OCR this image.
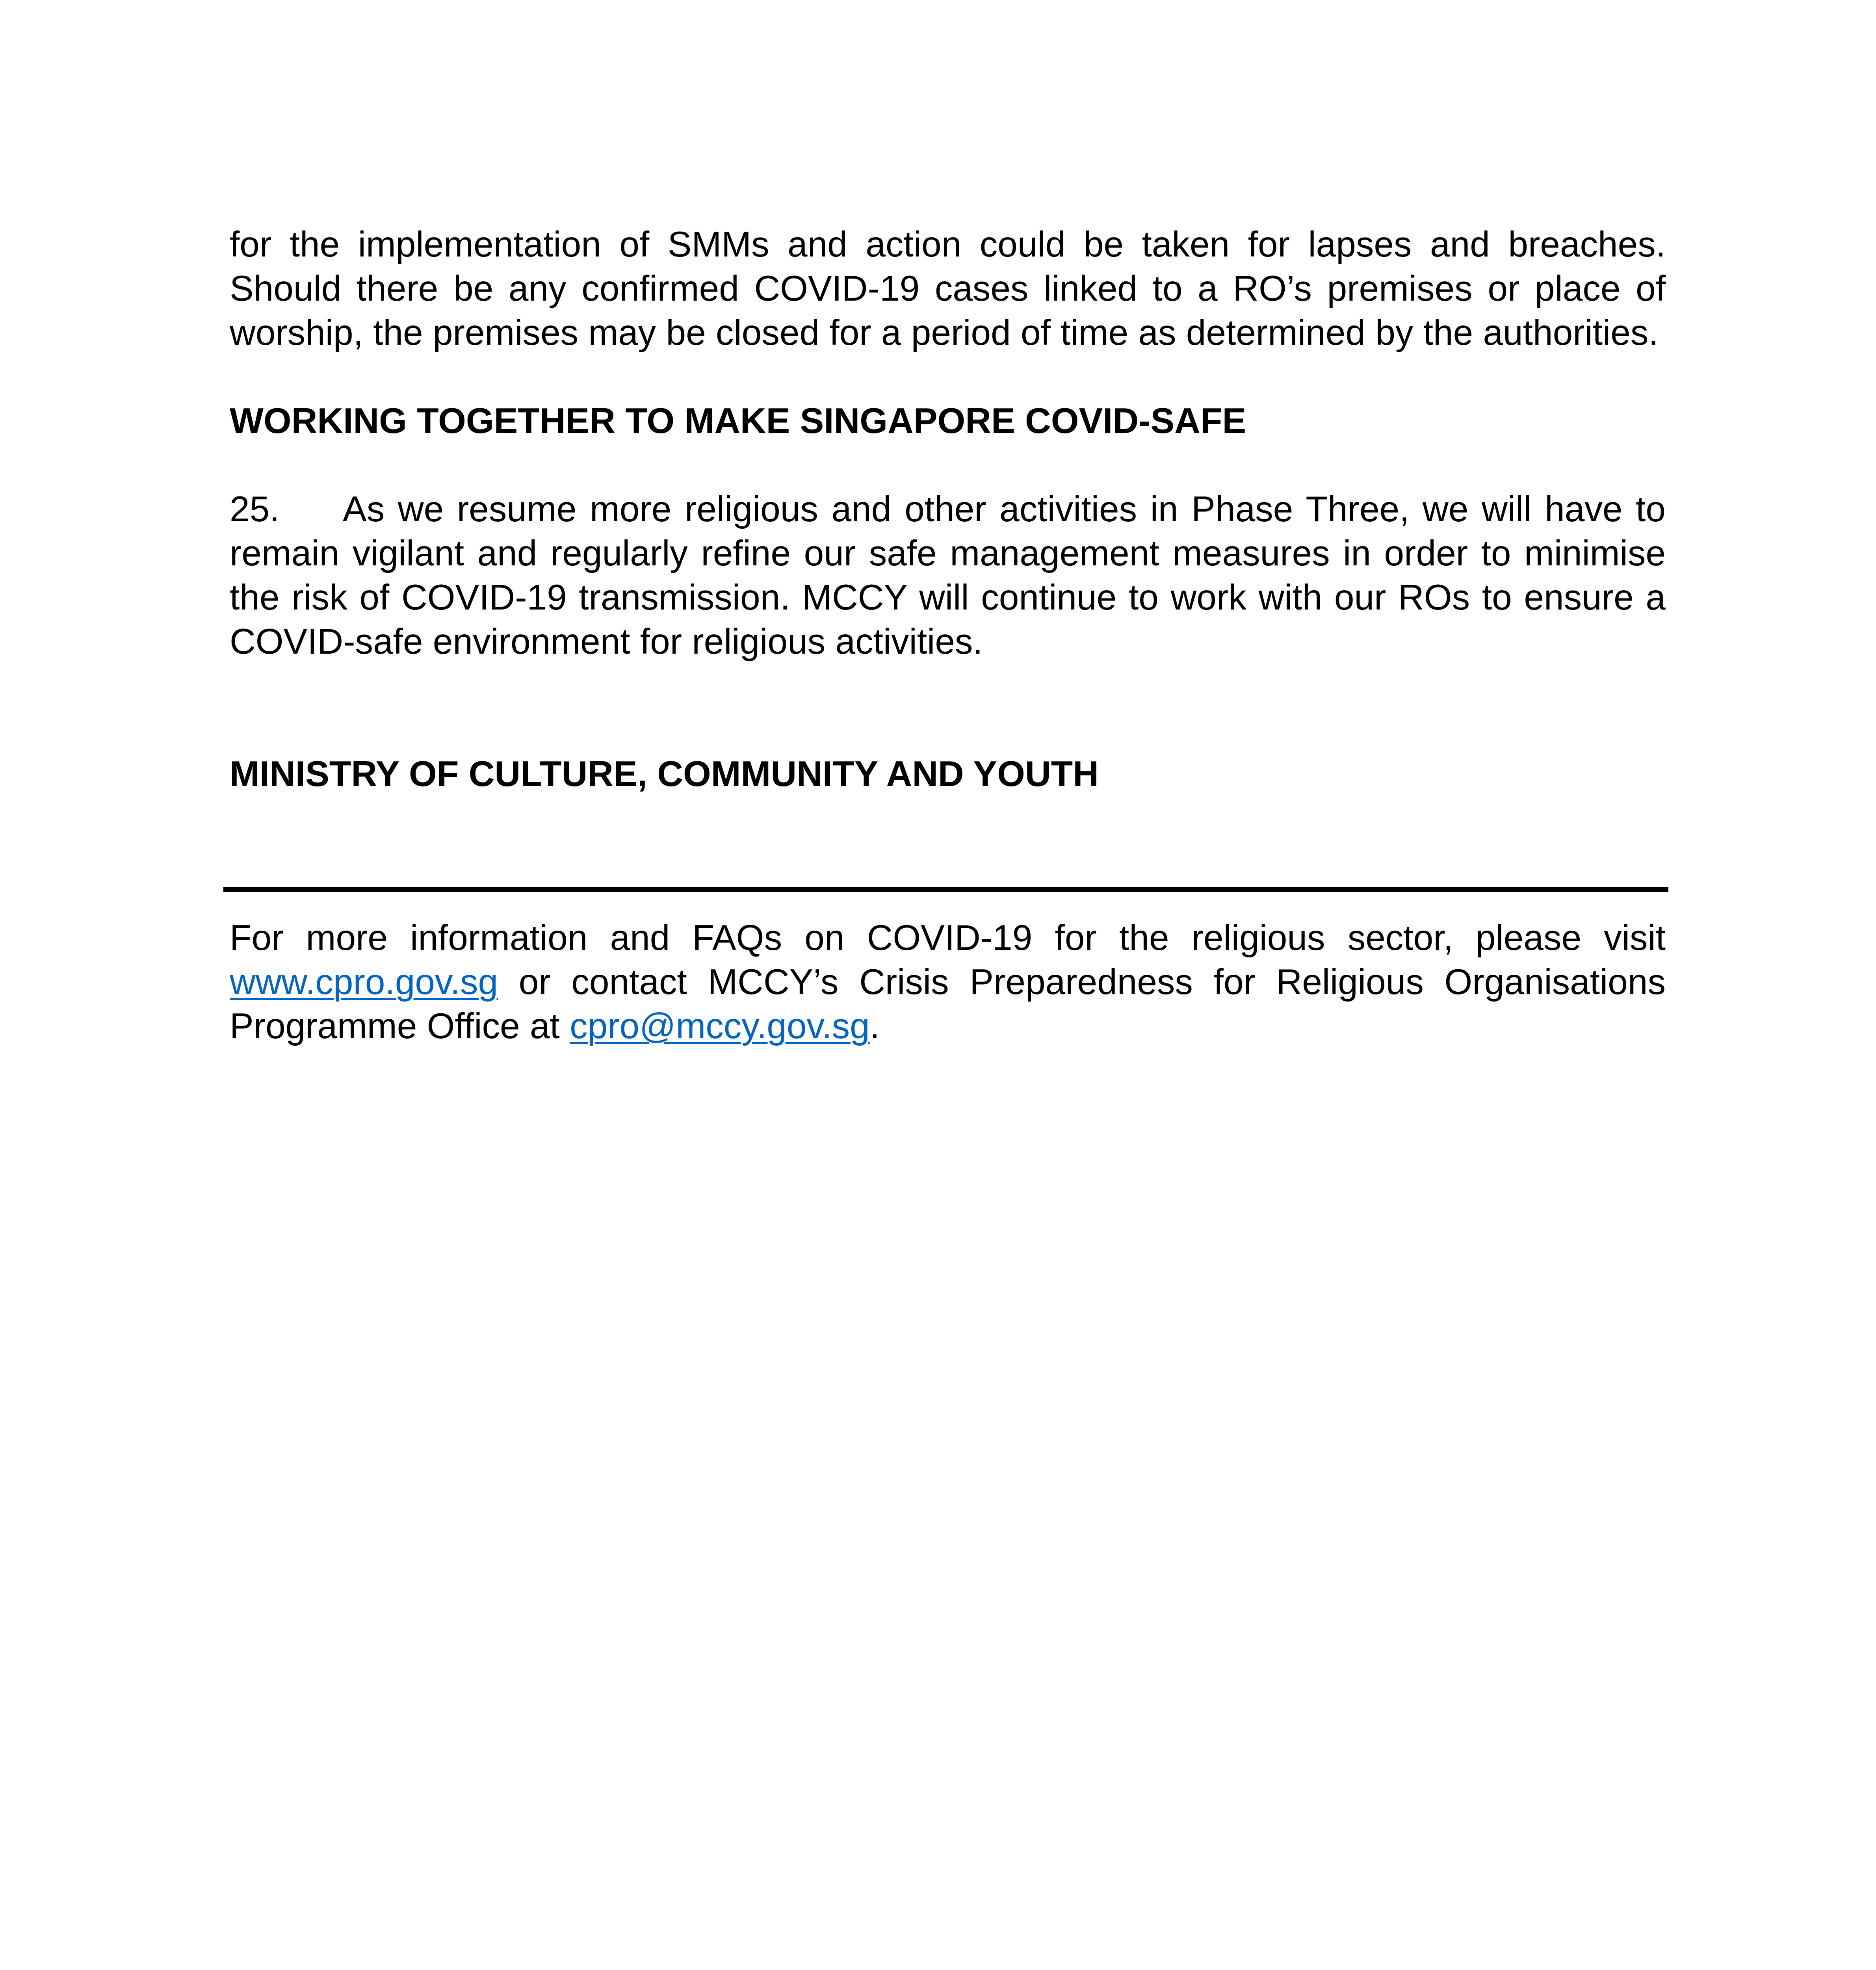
for the implementation of SMMs and action could be taken for lapses and breaches. Should there be any confirmed COVID-19 cases linked to a RO’s premises or place of worship, the premises may be closed for a period of time as determined by the authorities.

WORKING TOGETHER TO MAKE SINGAPORE COVID-SAFE

25. As we resume more religious and other activities in Phase Three, we will have to remain vigilant and regularly refine our safe management measures in order to minimise the risk of COVID-19 transmission. MCCY will continue to work with our ROs to ensure a COVID-safe environment for religious activities.

MINISTRY OF CULTURE, COMMUNITY AND YOUTH

For more information and FAQs on COVID-19 for the religious sector, please visit www.cpro.gov.sg or contact MCCY’s Crisis Preparedness for Religious Organisations Programme Office at cpro@mccy.gov.sg.
